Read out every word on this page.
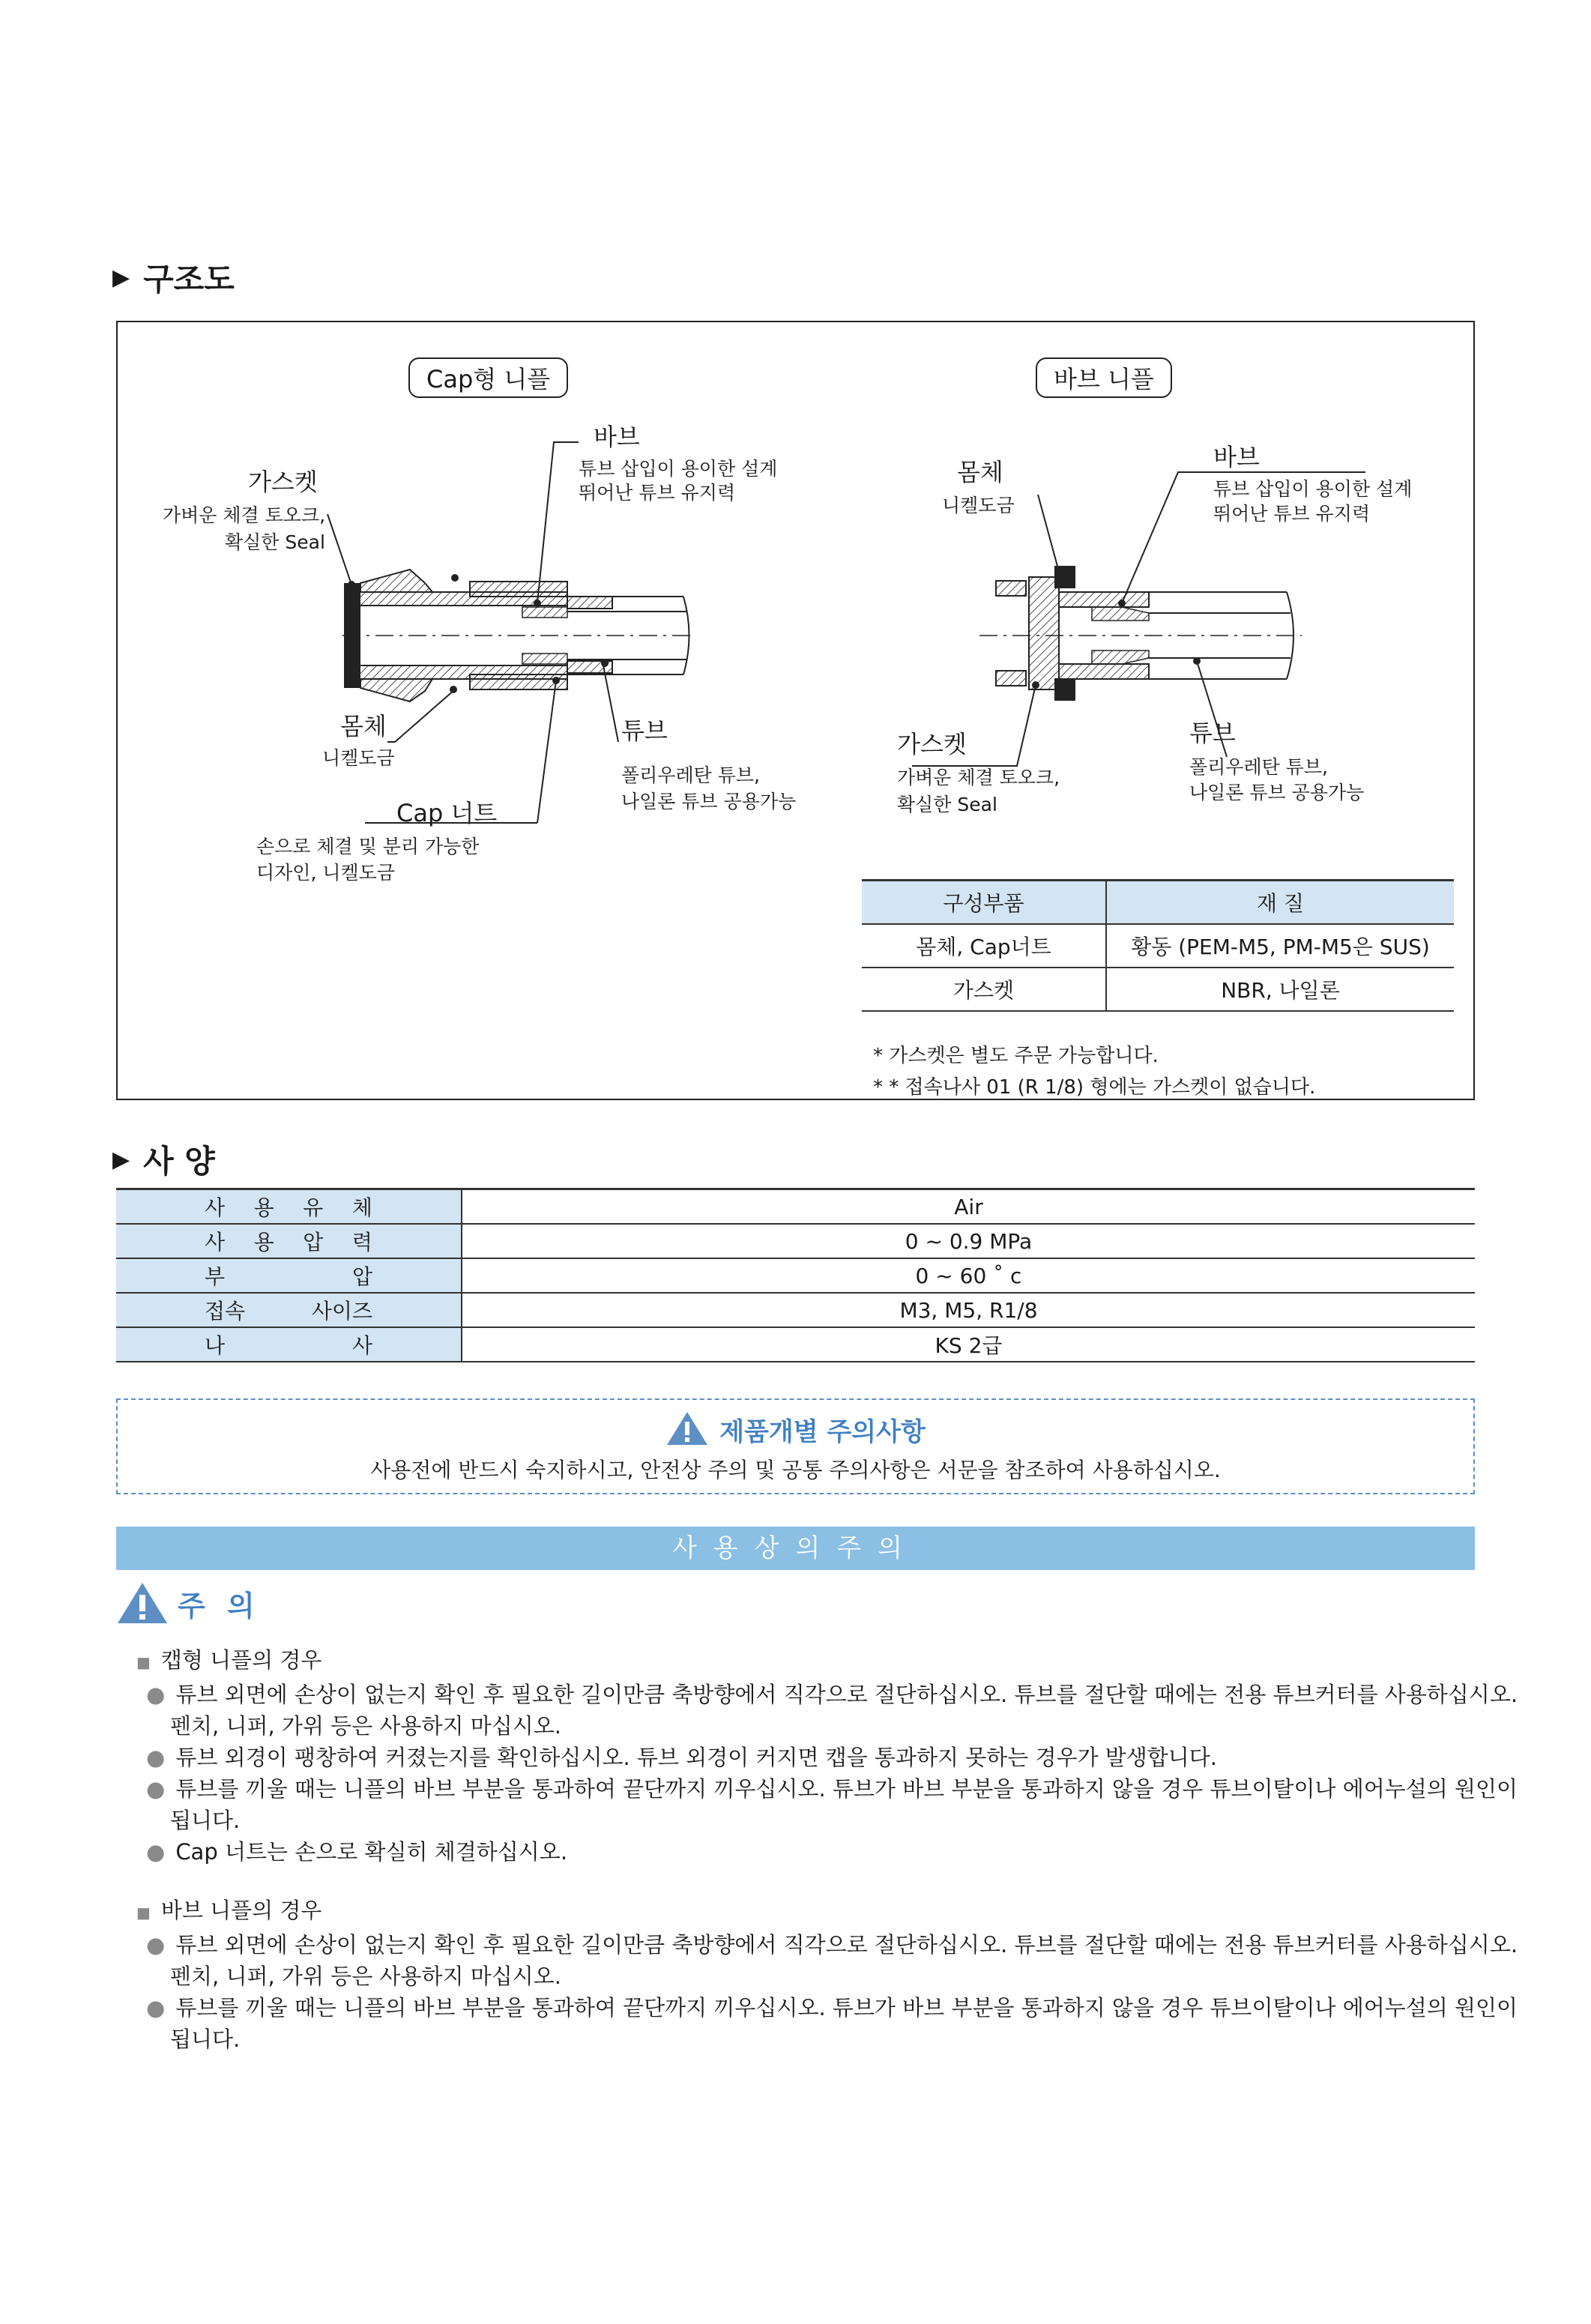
▶ 구조도
Cap형 니플
바브
튜브 삽입이 용이한 설계
뛰어난 튜브 유지력
가스켓
가벼운 체결 토오크,
확실한 Seal
몸체
니켈도금
Cap 너트
손으로 체결 및 분리 가능한
디자인, 니켈도금
튜브
폴리우레탄 튜브,
나일론 튜브 공용가능
바브 니플
몸체
니켈도금
바브
튜브 삽입이 용이한 설계
뛰어난 튜브 유지력
가스켓
가벼운 체결 토오크,
확실한 Seal
튜브
폴리우레탄 튜브,
나일론 튜브 공용가능
* 가스켓은 별도 주문 가능합니다.
* * 접속나사 01 (R 1/8) 형에는 가스켓이 없습니다.
구성부품	재 질
몸체, Cap너트	황동 (PEM-M5, PM-M5은 SUS)
가스켓	NBR, 나일론
▶ 사 양
사 용 유 체	Air

사 용 압 력	0 ~ 0.9 MPa

부 압	0 ~ 60 ˚ c

접속 사이즈	M3, M5, R1/8

나 사	KS 2급
제품개별 주의사항
사용전에 반드시 숙지하시고, 안전상 주의 및 공통 주의사항은 서문을 참조하여 사용하십시오.
사용상의주의
주 의
■ 캡형 니플의 경우
● 튜브 외면에 손상이 없는지 확인 후 필요한 길이만큼 축방향에서 직각으로 절단하십시오. 튜브를 절단할 때에는 전용 튜브커터를 사용하십시오.
펜치, 니퍼, 가위 등은 사용하지 마십시오.
● 튜브 외경이 팽창하여 커졌는지를 확인하십시오. 튜브 외경이 커지면 캡을 통과하지 못하는 경우가 발생합니다.
● 튜브를 끼울 때는 니플의 바브 부분을 통과하여 끝단까지 끼우십시오. 튜브가 바브 부분을 통과하지 않을 경우 튜브이탈이나 에어누설의 원인이
됩니다.
● Cap 너트는 손으로 확실히 체결하십시오.
■ 바브 니플의 경우
● 튜브 외면에 손상이 없는지 확인 후 필요한 길이만큼 축방향에서 직각으로 절단하십시오. 튜브를 절단할 때에는 전용 튜브커터를 사용하십시오.
펜치, 니퍼, 가위 등은 사용하지 마십시오.
● 튜브를 끼울 때는 니플의 바브 부분을 통과하여 끝단까지 끼우십시오. 튜브가 바브 부분을 통과하지 않을 경우 튜브이탈이나 에어누설의 원인이
됩니다.
